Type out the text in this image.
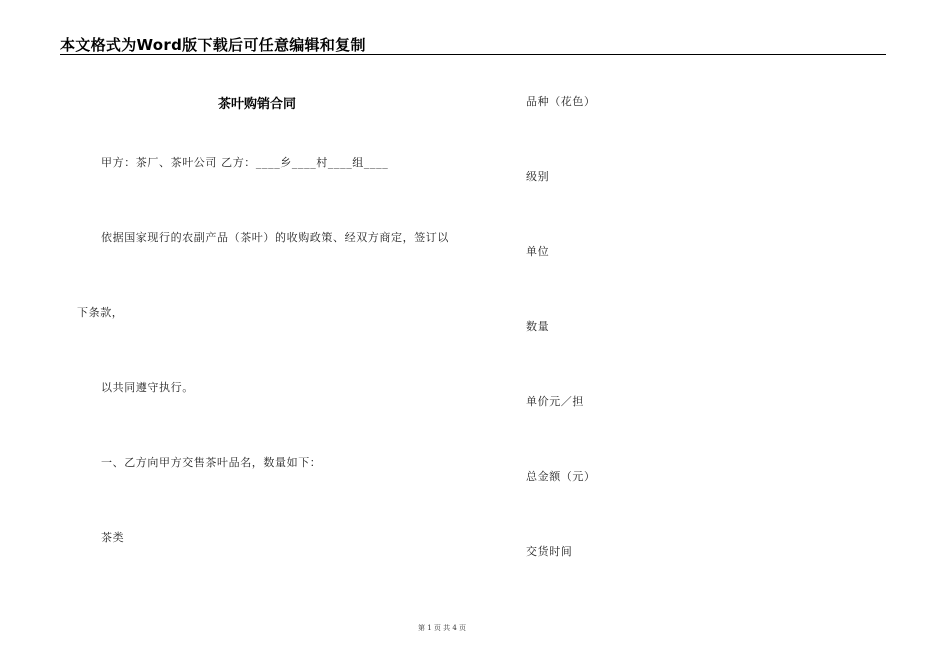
本文格式为Word版下载后可任意编辑和复制
茶叶购销合同
甲方：茶厂、茶叶公司 乙方：____乡____村____组____
依据国家现行的农副产品（茶叶）的收购政策、经双方商定，签订以
下条款，
以共同遵守执行。
一、乙方向甲方交售茶叶品名，数量如下：
茶类
品种（花色）
级别
单位
数量
单价元／担
总金额（元）
交货时间
第 1 页 共 4 页
